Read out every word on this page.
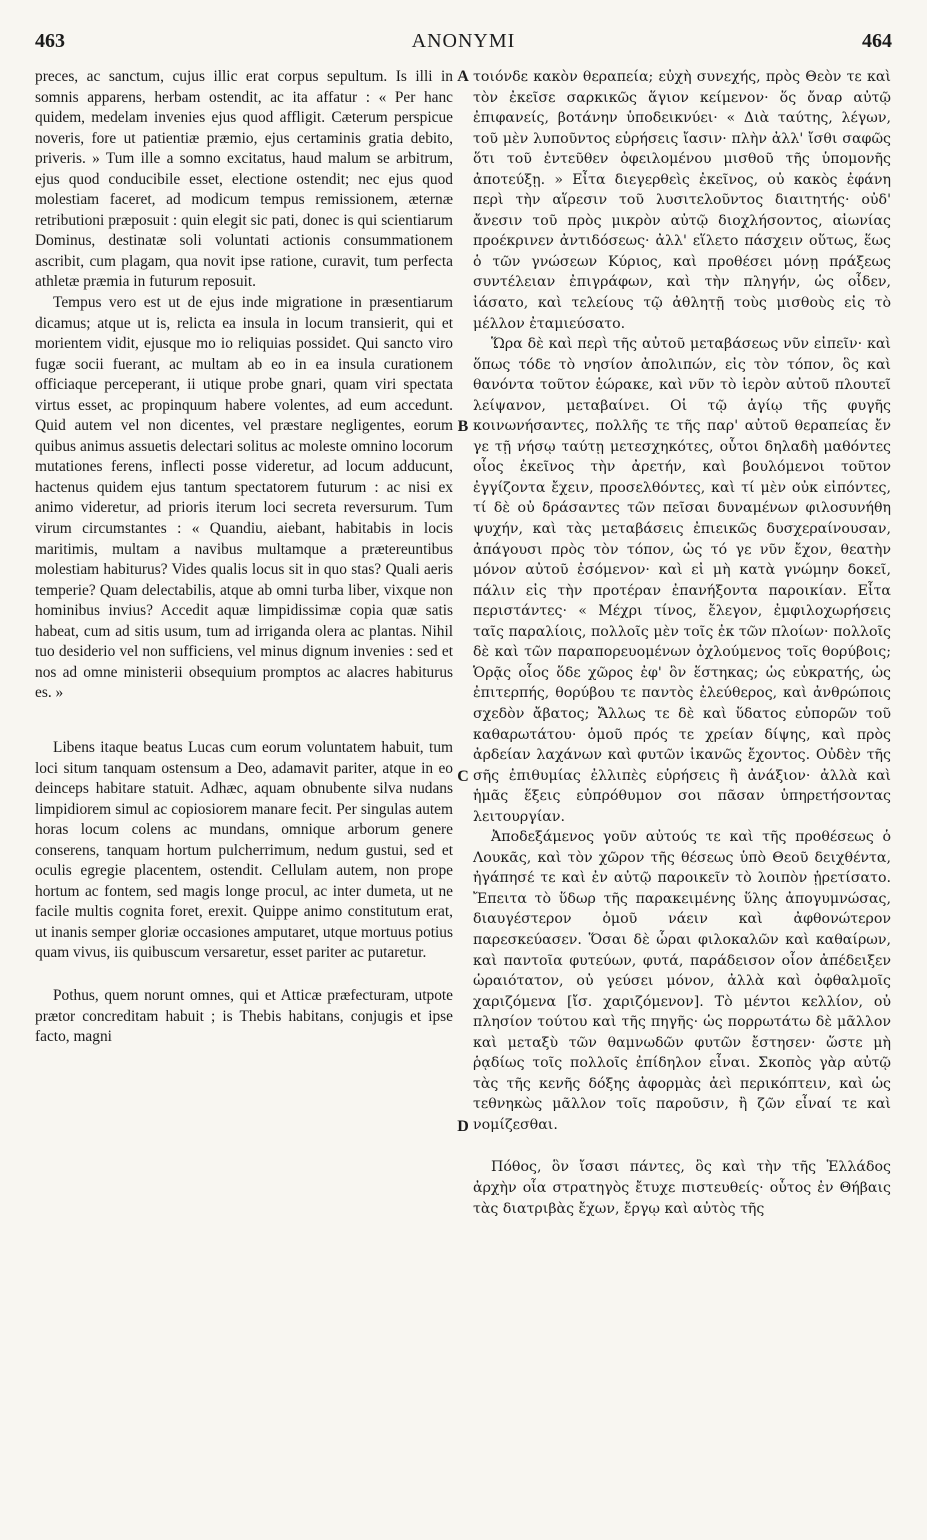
463	ANONYMI	464

preces, ac sanctum, cujus illic erat corpus sepultum. Is illi in somnis apparens, herbam ostendit, ac ita affatur : « Per hanc quidem, medelam invenies ejus quod affligit. Cæterum perspicue noveris, fore ut patientiæ præmio, ejus certaminis gratia debito, priveris. » Tum ille a somno excitatus, haud malum se arbitrum, ejus quod conducibile esset, electione ostendit; nec ejus quod molestiam faceret, ad modicum tempus remissionem, æternæ retributioni præposuit : quin elegit sic pati, donec is qui scientiarum Dominus, destinatæ soli voluntati actionis consummationem ascribit, cum plagam, qua novit ipse ratione, curavit, tum perfecta athletæ præmia in futurum reposuit.

Tempus vero est ut de ejus inde migratione in præsentiarum dicamus; atque ut is, relicta ea insula in locum transierit, qui et morientem vidit, ejusque mo io reliquias possidet. Qui sancto viro fugæ socii fuerant, ac multam ab eo in ea insula curationem officiaque perceperant, ii utique probe gnari, quam viri spectata virtus esset, ac propinquum habere volentes, ad eum accedunt. Quid autem vel non dicentes, vel præstare negligentes, eorum quibus animus assuetis delectari solitus ac moleste omnino locorum mutationes ferens, inflecti posse videretur, ad locum adducunt, hactenus quidem ejus tantum spectatorem futurum : ac nisi ex animo videretur, ad prioris iterum loci secreta reversurum. Tum virum circumstantes : « Quandiu, aiebant, habitabis in locis maritimis, multam a navibus multamque a prætereuntibus molestiam habiturus? Vides qualis locus sit in quo stas? Quali aeris temperie? Quam delectabilis, atque ab omni turba liber, vixque non hominibus invius? Accedit aquæ limpidissimæ copia quæ satis habeat, cum ad sitis usum, tum ad irriganda olera ac plantas. Nihil tuo desiderio vel non sufficiens, vel minus dignum invenies : sed et nos ad omne ministerii obsequium promptos ac alacres habiturus es. »

Libens itaque beatus Lucas cum eorum voluntatem habuit, tum loci situm tanquam ostensum a Deo, adamavit pariter, atque in eo deinceps habitare statuit. Adhæc, aquam obnubente silva nudans limpidiorem simul ac copiosiorem manare fecit. Per singulas autem horas locum colens ac mundans, omnique arborum genere conserens, tanquam hortum pulcherrimum, nedum gustui, sed et oculis egregie placentem, ostendit. Cellulam autem, non prope hortum ac fontem, sed magis longe procul, ac inter dumeta, ut ne facile multis cognita foret, erexit. Quippe animo constitutum erat, ut inanis semper gloriæ occasiones amputaret, utque mortuus potius quam vivus, iis quibuscum versaretur, esset pariter ac putaretur.

Pothus, quem norunt omnes, qui et Atticæ præfecturam, utpote prætor concreditam habuit ; is Thebis habitans, conjugis et ipse facto, magni

τοιόνδε κακὸν θεραπεία; εὐχὴ συνεχής, πρὸς Θεὸν τε καὶ τὸν ἐκεῖσε σαρκικῶς ἅγιον κείμενον· ὅς ὄναρ αὐτῷ ἐπιφανείς, βοτάνην ὑποδεικνύει· « Διὰ ταύτης, λέγων, τοῦ μὲν λυποῦντος εὑρήσεις ἴασιν· πλὴν ἀλλ' ἴσθι σαφῶς ὅτι τοῦ ἐντεῦθεν ὀφειλομένου μισθοῦ τῆς ὑπομονῆς ἀποτεύξῃ. » Εἶτα διεγερθεὶς ἐκεῖνος, οὐ κακὸς ἐφάνη περὶ τὴν αἵρεσιν τοῦ λυσιτελοῦντος διαιτητής· οὐδ' ἄνεσιν τοῦ πρὸς μικρὸν αὐτῷ διοχλήσοντος, αἰωνίας προέκρινεν ἀντιδόσεως· ἀλλ' εἵλετο πάσχειν οὕτως, ἕως ὁ τῶν γνώσεων Κύριος, καὶ προθέσει μόνῃ πράξεως συντέλειαν ἐπιγράφων, καὶ τὴν πληγήν, ὡς οἶδεν, ἰάσατο, καὶ τελείους τῷ ἀθλητῇ τοὺς μισθοὺς εἰς τὸ μέλλον ἐταμιεύσατο.

Ὥρα δὲ καὶ περὶ τῆς αὐτοῦ μεταβάσεως νῦν εἰπεῖν· καὶ ὅπως τόδε τὸ νησίον ἀπολιπών, εἰς τὸν τόπον, ὃς καὶ θανόντα τοῦτον ἑώρακε, καὶ νῦν τὸ ἱερὸν αὐτοῦ πλουτεῖ λείψανον, μεταβαίνει. Οἱ τῷ ἁγίῳ τῆς φυγῆς κοινωνήσαντες, πολλῆς τε τῆς παρ' αὐτοῦ θεραπείας ἔν γε τῇ νήσῳ ταύτῃ μετεσχηκότες, οὗτοι δηλαδὴ μαθόντες οἷος ἐκεῖνος τὴν ἀρετήν, καὶ βουλόμενοι τοῦτον ἐγγίζοντα ἔχειν, προσελθόντες, καὶ τί μὲν οὐκ εἰπόντες, τί δὲ οὐ δράσαντες τῶν πεῖσαι δυναμένων φιλοσυνήθη ψυχήν, καὶ τὰς μεταβάσεις ἐπιεικῶς δυσχεραίνουσαν, ἀπάγουσι πρὸς τὸν τόπον, ὡς τό γε νῦν ἔχον, θεατὴν μόνον αὐτοῦ ἐσόμενον· καὶ εἰ μὴ κατὰ γνώμην δοκεῖ, πάλιν εἰς τὴν προτέραν ἐπανήξοντα παροικίαν. Εἶτα περιστάντες· « Μέχρι τίνος, ἔλεγον, ἐμφιλοχωρήσεις ταῖς παραλίοις, πολλοῖς μὲν τοῖς ἐκ τῶν πλοίων· πολλοῖς δὲ καὶ τῶν παραπορευομένων ὀχλούμενος τοῖς θορύβοις; Ὁρᾷς οἷος ὅδε χῶρος ἐφ' ὃν ἕστηκας; ὡς εὐκρατής, ὡς ἐπιτερπής, θορύβου τε παντὸς ἐλεύθερος, καὶ ἀνθρώποις σχεδὸν ἄβατος; Ἄλλως τε δὲ καὶ ὕδατος εὐπορῶν τοῦ καθαρωτάτου· ὁμοῦ πρός τε χρείαν δίψης, καὶ πρὸς ἀρδείαν λαχάνων καὶ φυτῶν ἱκανῶς ἔχοντος. Οὐδὲν τῆς σῆς ἐπιθυμίας ἐλλιπὲς εὑρήσεις ἢ ἀνάξιον· ἀλλὰ καὶ ἡμᾶς ἕξεις εὐπρόθυμον σοι πᾶσαν ὑπηρετήσοντας λειτουργίαν.

Ἀποδεξάμενος γοῦν αὐτούς τε καὶ τῆς προθέσεως ὁ Λουκᾶς, καὶ τὸν χῶρον τῆς θέσεως ὑπὸ Θεοῦ δειχθέντα, ἠγάπησέ τε καὶ ἐν αὐτῷ παροικεῖν τὸ λοιπὸν ᾑρετίσατο. Ἔπειτα τὸ ὕδωρ τῆς παρακειμένης ὕλης ἀπογυμνώσας, διαυγέστερον ὁμοῦ νάειν καὶ ἀφθονώτερον παρεσκεύασεν. Ὅσαι δὲ ὧραι φιλοκαλῶν καὶ καθαίρων, καὶ παντοῖα φυτεύων, φυτά, παράδεισον οἷον ἀπέδειξεν ὡραιότατον, οὐ γεύσει μόνον, ἀλλὰ καὶ ὀφθαλμοῖς χαριζόμενα [ἴσ. χαριζόμενον]. Τὸ μέντοι κελλίον, οὐ πλησίον τούτου καὶ τῆς πηγῆς· ὡς πορρωτάτω δὲ μᾶλλον καὶ μεταξὺ τῶν θαμνωδῶν φυτῶν ἔστησεν· ὥστε μὴ ῥᾳδίως τοῖς πολλοῖς ἐπίδηλον εἶναι. Σκοπὸς γὰρ αὐτῷ τὰς τῆς κενῆς δόξης ἀφορμὰς ἀεὶ περικόπτειν, καὶ ὡς τεθνηκὼς μᾶλλον τοῖς παροῦσιν, ἢ ζῶν εἶναί τε καὶ νομίζεσθαι.

Πόθος, ὃν ἴσασι πάντες, ὃς καὶ τὴν τῆς Ἑλλάδος ἀρχὴν οἷα στρατηγὸς ἔτυχε πιστευθείς· οὗτος ἐν Θήβαις τὰς διατριβὰς ἔχων, ἔργῳ καὶ αὐτὸς τῆς

A
B
C
D
